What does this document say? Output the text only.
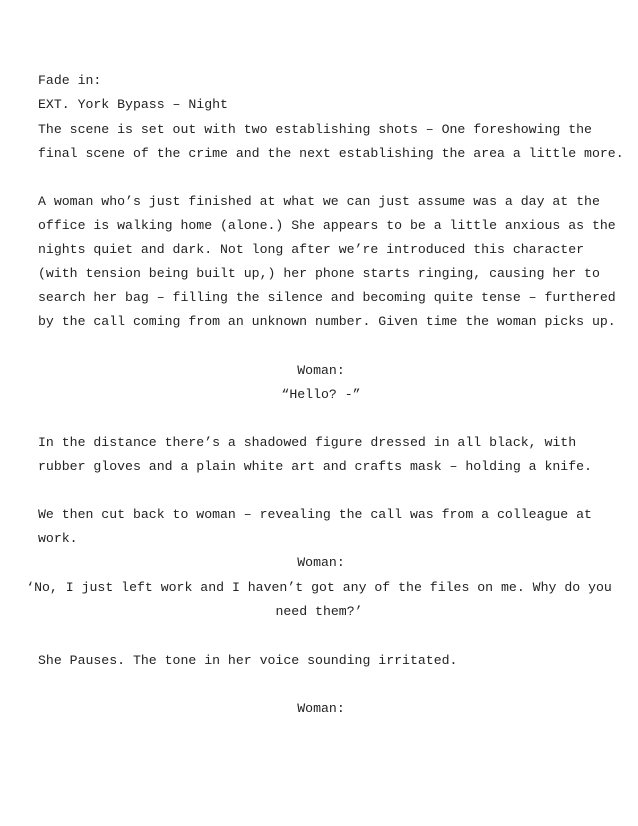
Fade in:
EXT. York Bypass – Night
The scene is set out with two establishing shots – One foreshowing the
final scene of the crime and the next establishing the area a little more.
A woman who’s just finished at what we can just assume was a day at the
office is walking home (alone.) She appears to be a little anxious as the
nights quiet and dark. Not long after we’re introduced this character
(with tension being built up,) her phone starts ringing, causing her to
search her bag – filling the silence and becoming quite tense – furthered
by the call coming from an unknown number. Given time the woman picks up.
Woman:
“Hello? -”
In the distance there’s a shadowed figure dressed in all black, with
rubber gloves and a plain white art and crafts mask – holding a knife.
We then cut back to woman – revealing the call was from a colleague at
work.
Woman:
‘No, I just left work and I haven’t got any of the files on me. Why do you
need them?’
She Pauses. The tone in her voice sounding irritated.
Woman:
